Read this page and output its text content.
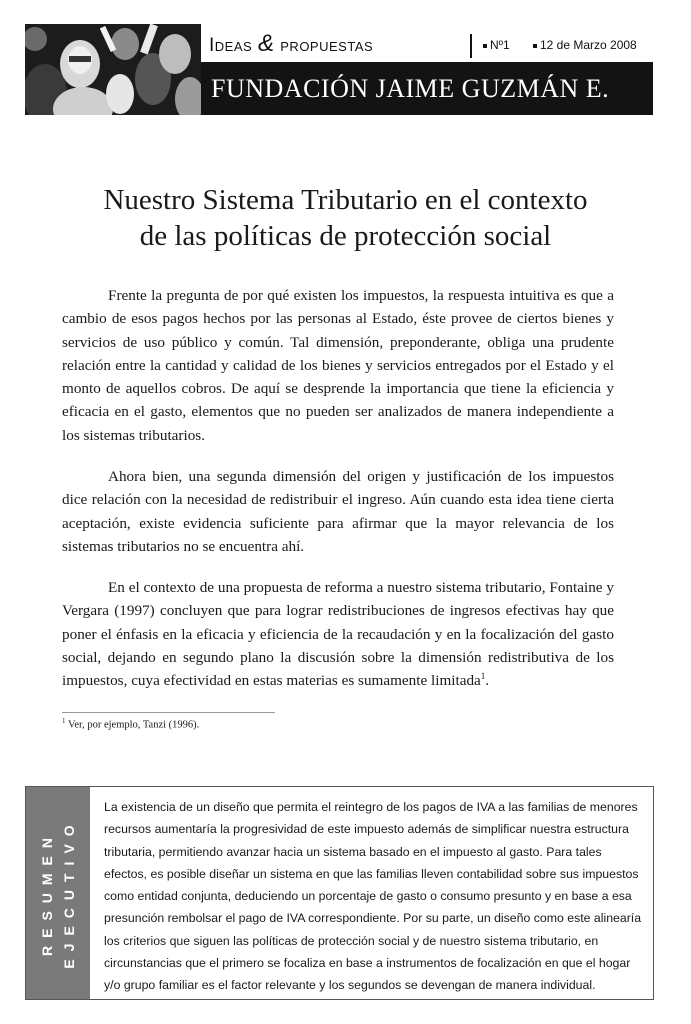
Ideas & propuestas	Nº1	12 de Marzo 2008
FUNDACIÓN JAIME GUZMÁN E.
Nuestro Sistema Tributario en el contexto
de las políticas de protección social

Frente la pregunta de por qué existen los impuestos, la respuesta intuitiva es que a cambio de esos pagos hechos por las personas al Estado, éste provee de ciertos bienes y servicios de uso público y común. Tal dimensión, preponderante, obliga una prudente relación entre la cantidad y calidad de los bienes y servicios entregados por el Estado y el monto de aquellos cobros. De aquí se desprende la importancia que tiene la eficiencia y eficacia en el gasto, elementos que no pueden ser analizados de manera independiente a los sistemas tributarios.

Ahora bien, una segunda dimensión del origen y justificación de los impuestos dice relación con la necesidad de redistribuir el ingreso. Aún cuando esta idea tiene cierta aceptación, existe evidencia suficiente para afirmar que la mayor relevancia de los sistemas tributarios no se encuentra ahí.

En el contexto de una propuesta de reforma a nuestro sistema tributario, Fontaine y Vergara (1997) concluyen que para lograr redistribuciones de ingresos efectivas hay que poner el énfasis en la eficacia y eficiencia de la recaudación y en la focalización del gasto social, dejando en segundo plano la discusión sobre la dimensión redistributiva de los impuestos, cuya efectividad en estas materias es sumamente limitada$^1$.

$^1$ Ver, por ejemplo, Tanzi (1996).
RESUMEN EJECUTIVO
La existencia de un diseño que permita el reintegro de los pagos de IVA a las familias de menores recursos aumentaría la progresividad de este impuesto además de simplificar nuestra estructura tributaria, permitiendo avanzar hacia un sistema basado en el impuesto al gasto. Para tales efectos, es posible diseñar un sistema en que las familias lleven contabilidad sobre sus impuestos como entidad conjunta, deduciendo un porcentaje de gasto o consumo presunto y en base a esa presunción rembolsar el pago de IVA correspondiente. Por su parte, un diseño como este alinearía los criterios que siguen las políticas de protección social y de nuestro sistema tributario, en circunstancias que el primero se focaliza en base a instrumentos de focalización en que el hogar y/o grupo familiar es el factor relevante y los segundos se devengan de manera individual.
